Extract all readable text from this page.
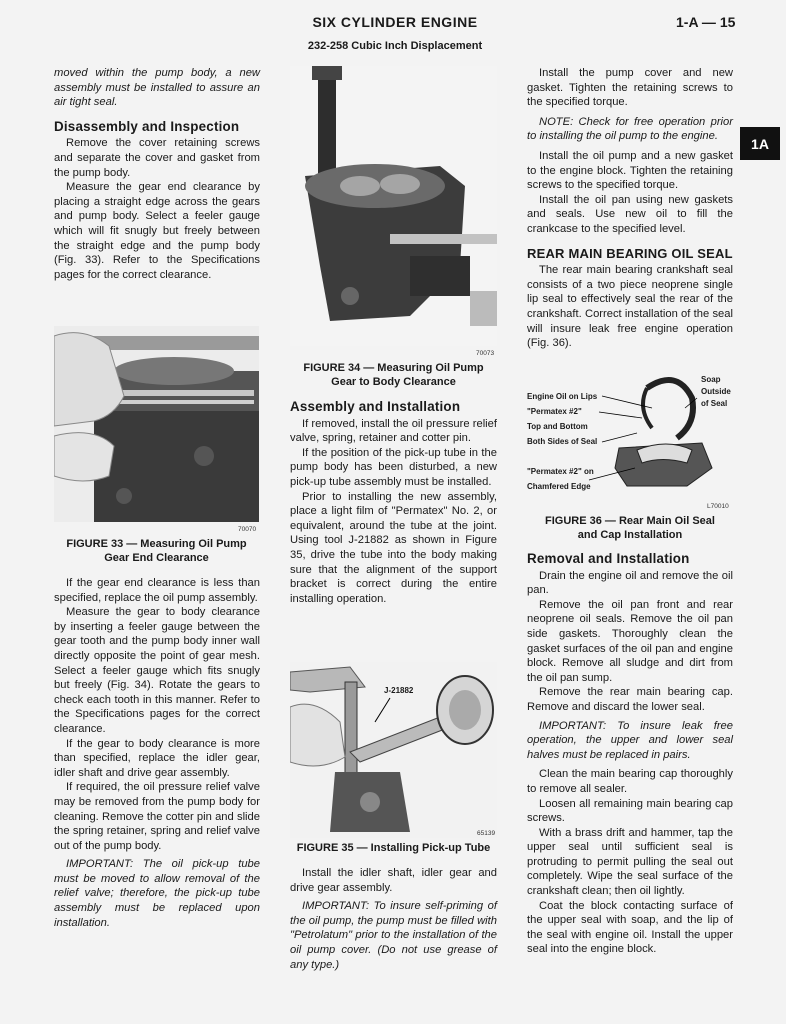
SIX CYLINDER ENGINE
232-258 Cubic Inch Displacement
1-A — 15
1A

moved within the pump body, a new assembly must be installed to assure an air tight seal.

Disassembly and Inspection

Remove the cover retaining screws and separate the cover and gasket from the pump body.

Measure the gear end clearance by placing a straight edge across the gears and pump body. Select a feeler gauge which will fit snugly but freely between the straight edge and the pump body (Fig. 33). Refer to the Specifications pages for the correct clearance.

70070
FIGURE 33 — Measuring Oil Pump
Gear End Clearance

If the gear end clearance is less than specified, replace the oil pump assembly.

Measure the gear to body clearance by inserting a feeler gauge between the gear tooth and the pump body inner wall directly opposite the point of gear mesh. Select a feeler gauge which fits snugly but freely (Fig. 34). Rotate the gears to check each tooth in this manner. Refer to the Specifications pages for the correct clearance.

If the gear to body clearance is more than specified, replace the idler gear, idler shaft and drive gear assembly.

If required, the oil pressure relief valve may be removed from the pump body for cleaning. Remove the cotter pin and slide the spring retainer, spring and relief valve out of the pump body.

IMPORTANT: The oil pick-up tube must be moved to allow removal of the relief valve; therefore, the pick-up tube assembly must be replaced upon installation.

70073
FIGURE 34 — Measuring Oil Pump
Gear to Body Clearance
Assembly and Installation

If removed, install the oil pressure relief valve, spring, retainer and cotter pin.

If the position of the pick-up tube in the pump body has been disturbed, a new pick-up tube assembly must be installed.

Prior to installing the new assembly, place a light film of "Permatex" No. 2, or equivalent, around the tube at the joint. Using tool J-21882 as shown in Figure 35, drive the tube into the body making sure that the alignment of the support bracket is correct during the entire installing operation.

J-21882
65139
FIGURE 35 — Installing Pick-up Tube

Install the idler shaft, idler gear and drive gear assembly.

IMPORTANT: To insure self-priming of the oil pump, the pump must be filled with "Petrolatum" prior to the installation of the oil pump cover. (Do not use grease of any type.)

Install the pump cover and new gasket. Tighten the retaining screws to the specified torque.

NOTE: Check for free operation prior to installing the oil pump to the engine.

Install the oil pump and a new gasket to the engine block. Tighten the retaining screws to the specified torque.

Install the oil pan using new gaskets and seals. Use new oil to fill the crankcase to the specified level.

REAR MAIN BEARING OIL SEAL

The rear main bearing crankshaft seal consists of a two piece neoprene single lip seal to effectively seal the rear of the crankshaft. Correct installation of the seal will insure leak free engine operation (Fig. 36).

Soap
Outside
of Seal
Engine Oil on Lips
"Permatex #2"
Top and Bottom
Both Sides of Seal
"Permatex #2" on
Chamfered Edge
L70010
FIGURE 36 — Rear Main Oil Seal
and Cap Installation
Removal and Installation

Drain the engine oil and remove the oil pan.

Remove the oil pan front and rear neoprene oil seals. Remove the oil pan side gaskets. Thoroughly clean the gasket surfaces of the oil pan and engine block. Remove all sludge and dirt from the oil pan sump.

Remove the rear main bearing cap. Remove and discard the lower seal.

IMPORTANT: To insure leak free operation, the upper and lower seal halves must be replaced in pairs.

Clean the main bearing cap thoroughly to remove all sealer.

Loosen all remaining main bearing cap screws.

With a brass drift and hammer, tap the upper seal until sufficient seal is protruding to permit pulling the seal out completely. Wipe the seal surface of the crankshaft clean; then oil lightly.

Coat the block contacting surface of the upper seal with soap, and the lip of the seal with engine oil. Install the upper seal into the engine block.
